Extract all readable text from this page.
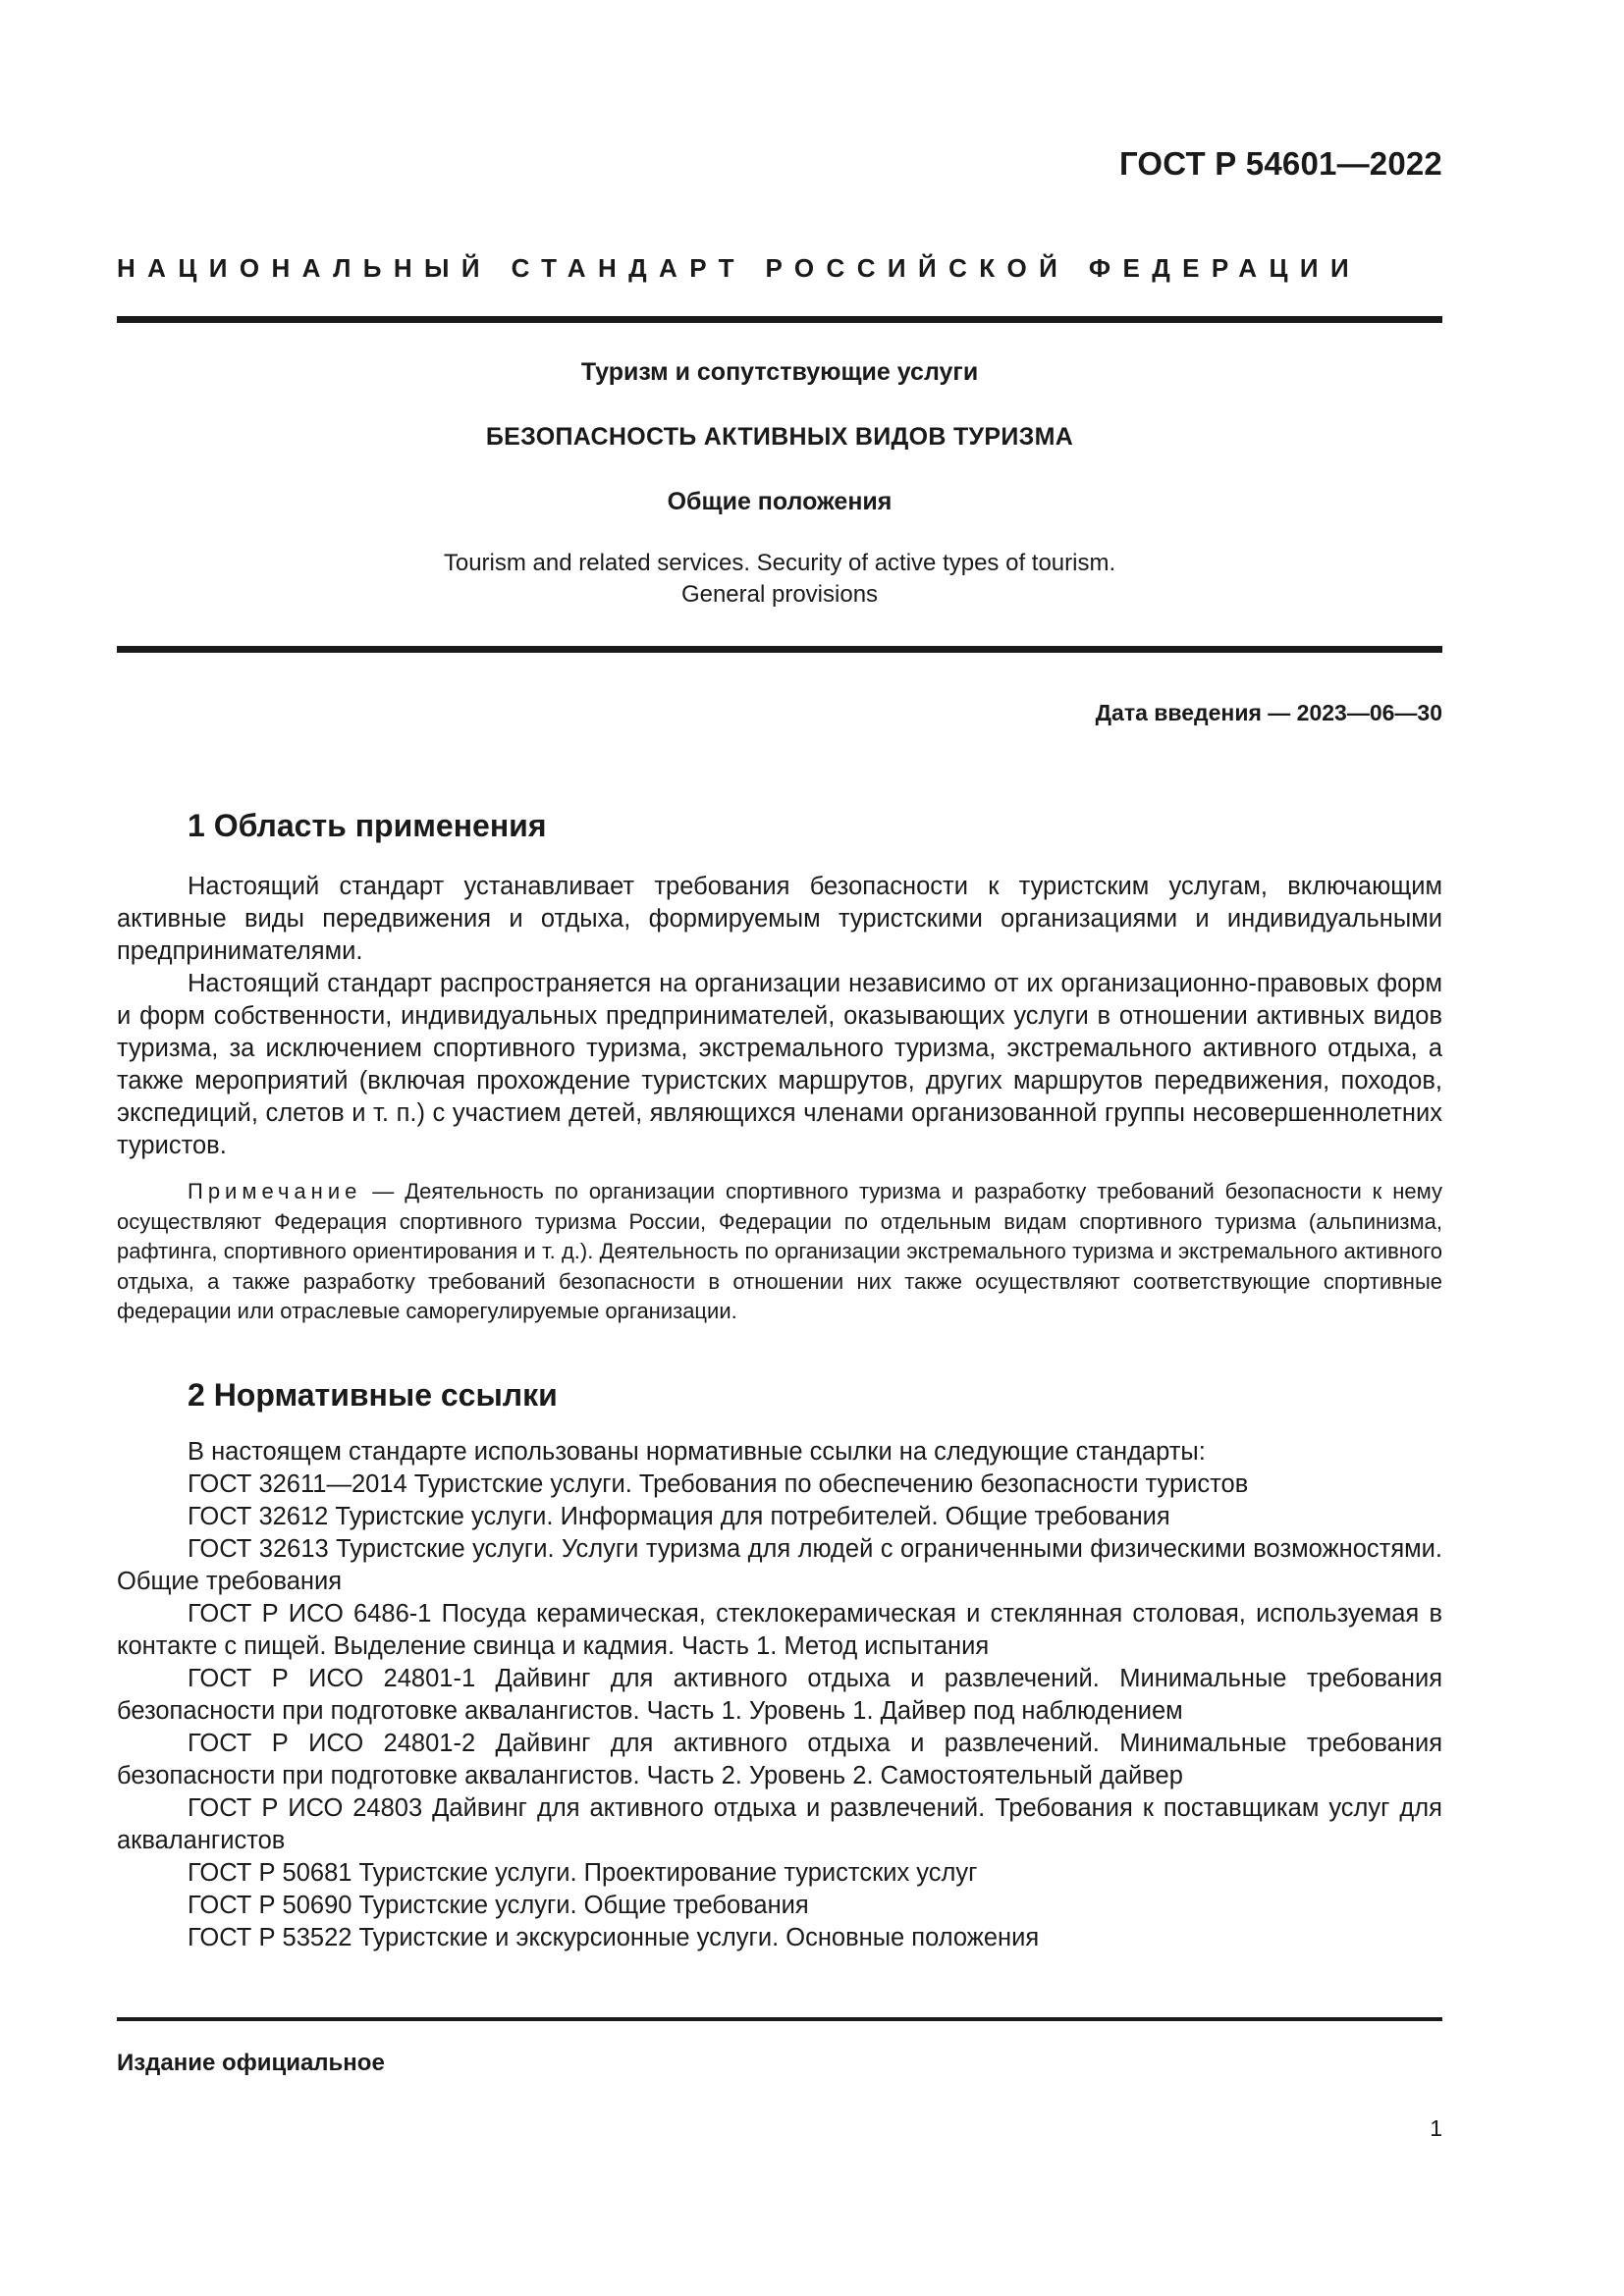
ГОСТ Р 54601—2022
НАЦИОНАЛЬНЫЙ СТАНДАРТ РОССИЙСКОЙ ФЕДЕРАЦИИ
Туризм и сопутствующие услуги
БЕЗОПАСНОСТЬ АКТИВНЫХ ВИДОВ ТУРИЗМА
Общие положения
Tourism and related services. Security of active types of tourism.
General provisions
Дата введения — 2023—06—30
1 Область применения

Настоящий стандарт устанавливает требования безопасности к туристским услугам, включающим активные виды передвижения и отдыха, формируемым туристскими организациями и индивидуальными предпринимателями.

Настоящий стандарт распространяется на организации независимо от их организационно-правовых форм и форм собственности, индивидуальных предпринимателей, оказывающих услуги в отношении активных видов туризма, за исключением спортивного туризма, экстремального туризма, экстремального активного отдыха, а также мероприятий (включая прохождение туристских маршрутов, других маршрутов передвижения, походов, экспедиций, слетов и т. п.) с участием детей, являющихся членами организованной группы несовершеннолетних туристов.

Примечание — Деятельность по организации спортивного туризма и разработку требований безопасности к нему осуществляют Федерация спортивного туризма России, Федерации по отдельным видам спортивного туризма (альпинизма, рафтинга, спортивного ориентирования и т. д.). Деятельность по организации экстремального туризма и экстремального активного отдыха, а также разработку требований безопасности в отношении них также осуществляют соответствующие спортивные федерации или отраслевые саморегулируемые организации.
2 Нормативные ссылки

В настоящем стандарте использованы нормативные ссылки на следующие стандарты:

ГОСТ 32611—2014 Туристские услуги. Требования по обеспечению безопасности туристов

ГОСТ 32612 Туристские услуги. Информация для потребителей. Общие требования

ГОСТ 32613 Туристские услуги. Услуги туризма для людей с ограниченными физическими возможностями. Общие требования

ГОСТ Р ИСО 6486-1 Посуда керамическая, стеклокерамическая и стеклянная столовая, используемая в контакте с пищей. Выделение свинца и кадмия. Часть 1. Метод испытания

ГОСТ Р ИСО 24801-1 Дайвинг для активного отдыха и развлечений. Минимальные требования безопасности при подготовке аквалангистов. Часть 1. Уровень 1. Дайвер под наблюдением

ГОСТ Р ИСО 24801-2 Дайвинг для активного отдыха и развлечений. Минимальные требования безопасности при подготовке аквалангистов. Часть 2. Уровень 2. Самостоятельный дайвер

ГОСТ Р ИСО 24803 Дайвинг для активного отдыха и развлечений. Требования к поставщикам услуг для аквалангистов

ГОСТ Р 50681 Туристские услуги. Проектирование туристских услуг

ГОСТ Р 50690 Туристские услуги. Общие требования

ГОСТ Р 53522 Туристские и экскурсионные услуги. Основные положения

Издание официальное
1
